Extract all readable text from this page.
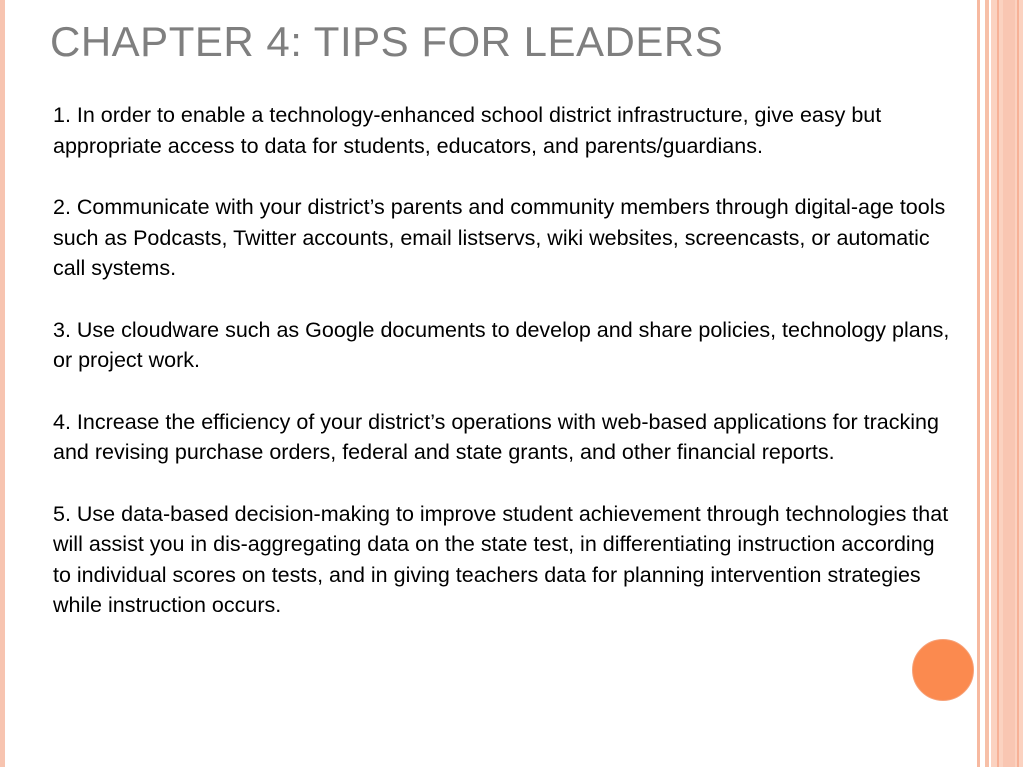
CHAPTER 4: TIPS FOR LEADERS

1. In order to enable a technology-enhanced school district infrastructure, give easy but appropriate access to data for students, educators, and parents/guardians.

2. Communicate with your district’s parents and community members through digital-age tools such as Podcasts, Twitter accounts, email listservs, wiki websites, screencasts, or automatic call systems.

3. Use cloudware such as Google documents to develop and share policies, technology plans, or project work.

4. Increase the efficiency of your district’s operations with web-based applications for tracking and revising purchase orders, federal and state grants, and other financial reports.

5. Use data-based decision-making to improve student achievement through technologies that will assist you in dis-aggregating data on the state test, in differentiating instruction according to individual scores on tests, and in giving teachers data for planning intervention strategies while instruction occurs.
